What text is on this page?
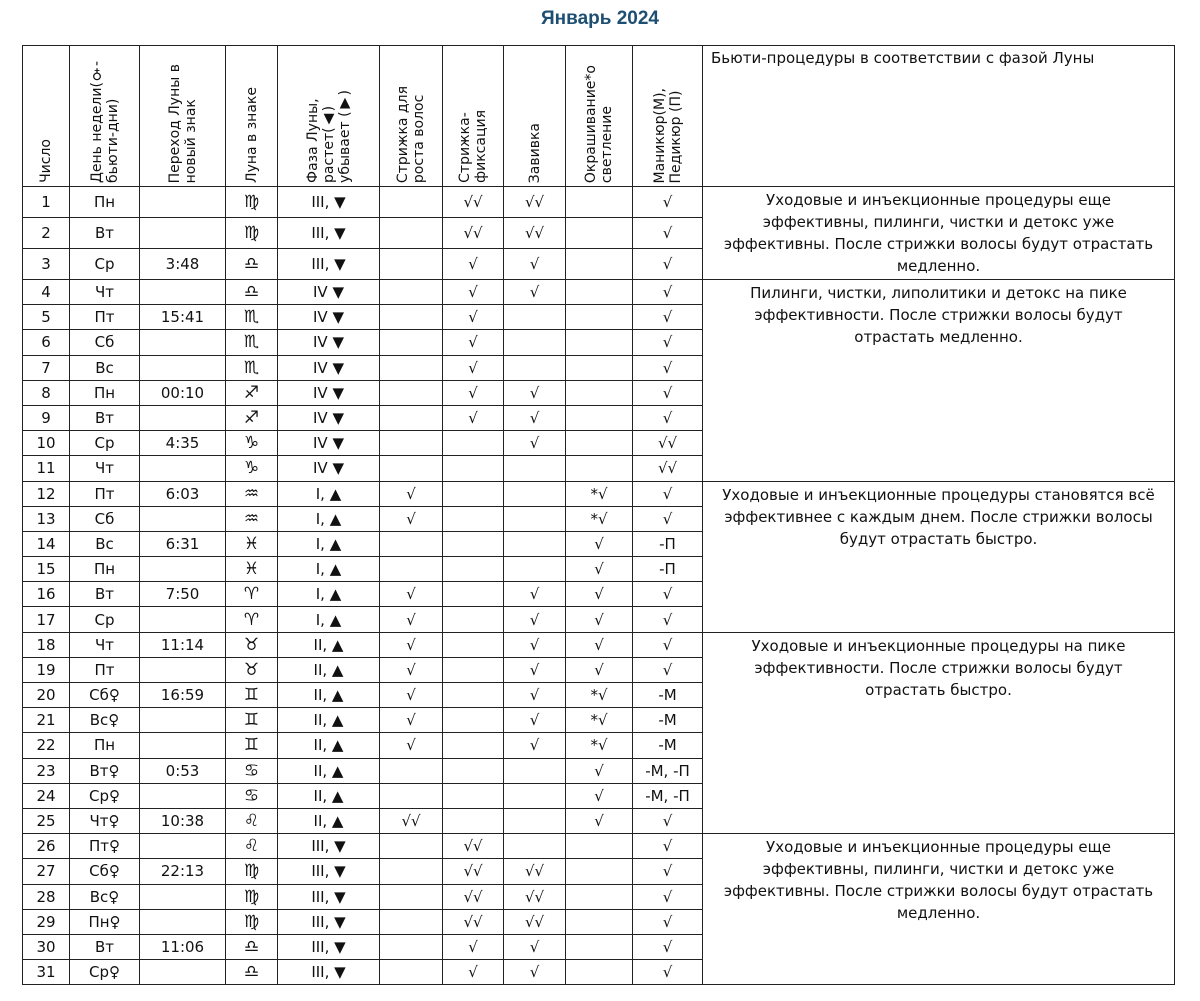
Январь 2024
Число	День недели(♀-
бьюти-дни)	Переход Луны в
новый знак	Луна в знаке	Фаза Луны,
растет(▲)
убывает (▼)	Стрижка для
роста волос	Стрижка-
фиксация	Завивка	Окрашивание*о
светление	Маникюр(М),
Педикюр (П)	Бьюти-процедуры в соответствии с фазой Луны
1	Пн		♍	III, ▼		√√	√√		√	Уходовые и инъекционные процедуры еще эффективны, пилинги, чистки и детокс уже эффективны. После стрижки волосы будут отрастать медленно.
2	Вт		♍	III, ▼		√√	√√		√	
3	Ср	3:48	♎	III, ▼		√	√		√	
4	Чт		♎	IV ▼		√	√		√	Пилинги, чистки, липолитики и детокс на пике эффективности. После стрижки волосы будут отрастать медленно.
5	Пт	15:41	♏	IV ▼		√			√	
6	Сб		♏	IV ▼		√			√	
7	Вс		♏	IV ▼		√			√	
8	Пн	00:10	♐	IV ▼		√	√		√	
9	Вт		♐	IV ▼		√	√		√	
10	Ср	4:35	♑	IV ▼			√		√√	
11	Чт		♑	IV ▼					√√	
12	Пт	6:03	♒	I, ▲	√			*√	√	Уходовые и инъекционные процедуры становятся всё эффективнее с каждым днем. После стрижки волосы будут отрастать быстро.
13	Сб		♒	I, ▲	√			*√	√	
14	Вс	6:31	♓	I, ▲				√	-П	
15	Пн		♓	I, ▲				√	-П	
16	Вт	7:50	♈	I, ▲	√		√	√	√	
17	Ср		♈	I, ▲	√		√	√	√	
18	Чт	11:14	♉	II, ▲	√		√	√	√	Уходовые и инъекционные процедуры на пике эффективности. После стрижки волосы будут отрастать быстро.
19	Пт		♉	II, ▲	√		√	√	√	
20	Сб♀	16:59	♊	II, ▲	√		√	*√	-М	
21	Вс♀		♊	II, ▲	√		√	*√	-М	
22	Пн		♊	II, ▲	√		√	*√	-М	
23	Вт♀	0:53	♋	II, ▲				√	-М, -П	
24	Ср♀		♋	II, ▲				√	-М, -П	
25	Чт♀	10:38	♌	II, ▲	√√			√	√	
26	Пт♀		♌	III, ▼		√√			√	Уходовые и инъекционные процедуры еще эффективны, пилинги, чистки и детокс уже эффективны. После стрижки волосы будут отрастать медленно.
27	Сб♀	22:13	♍	III, ▼		√√	√√		√	
28	Вс♀		♍	III, ▼		√√	√√		√	
29	Пн♀		♍	III, ▼		√√	√√		√	
30	Вт	11:06	♎	III, ▼		√	√		√	
31	Ср♀		♎	III, ▼		√	√		√	
